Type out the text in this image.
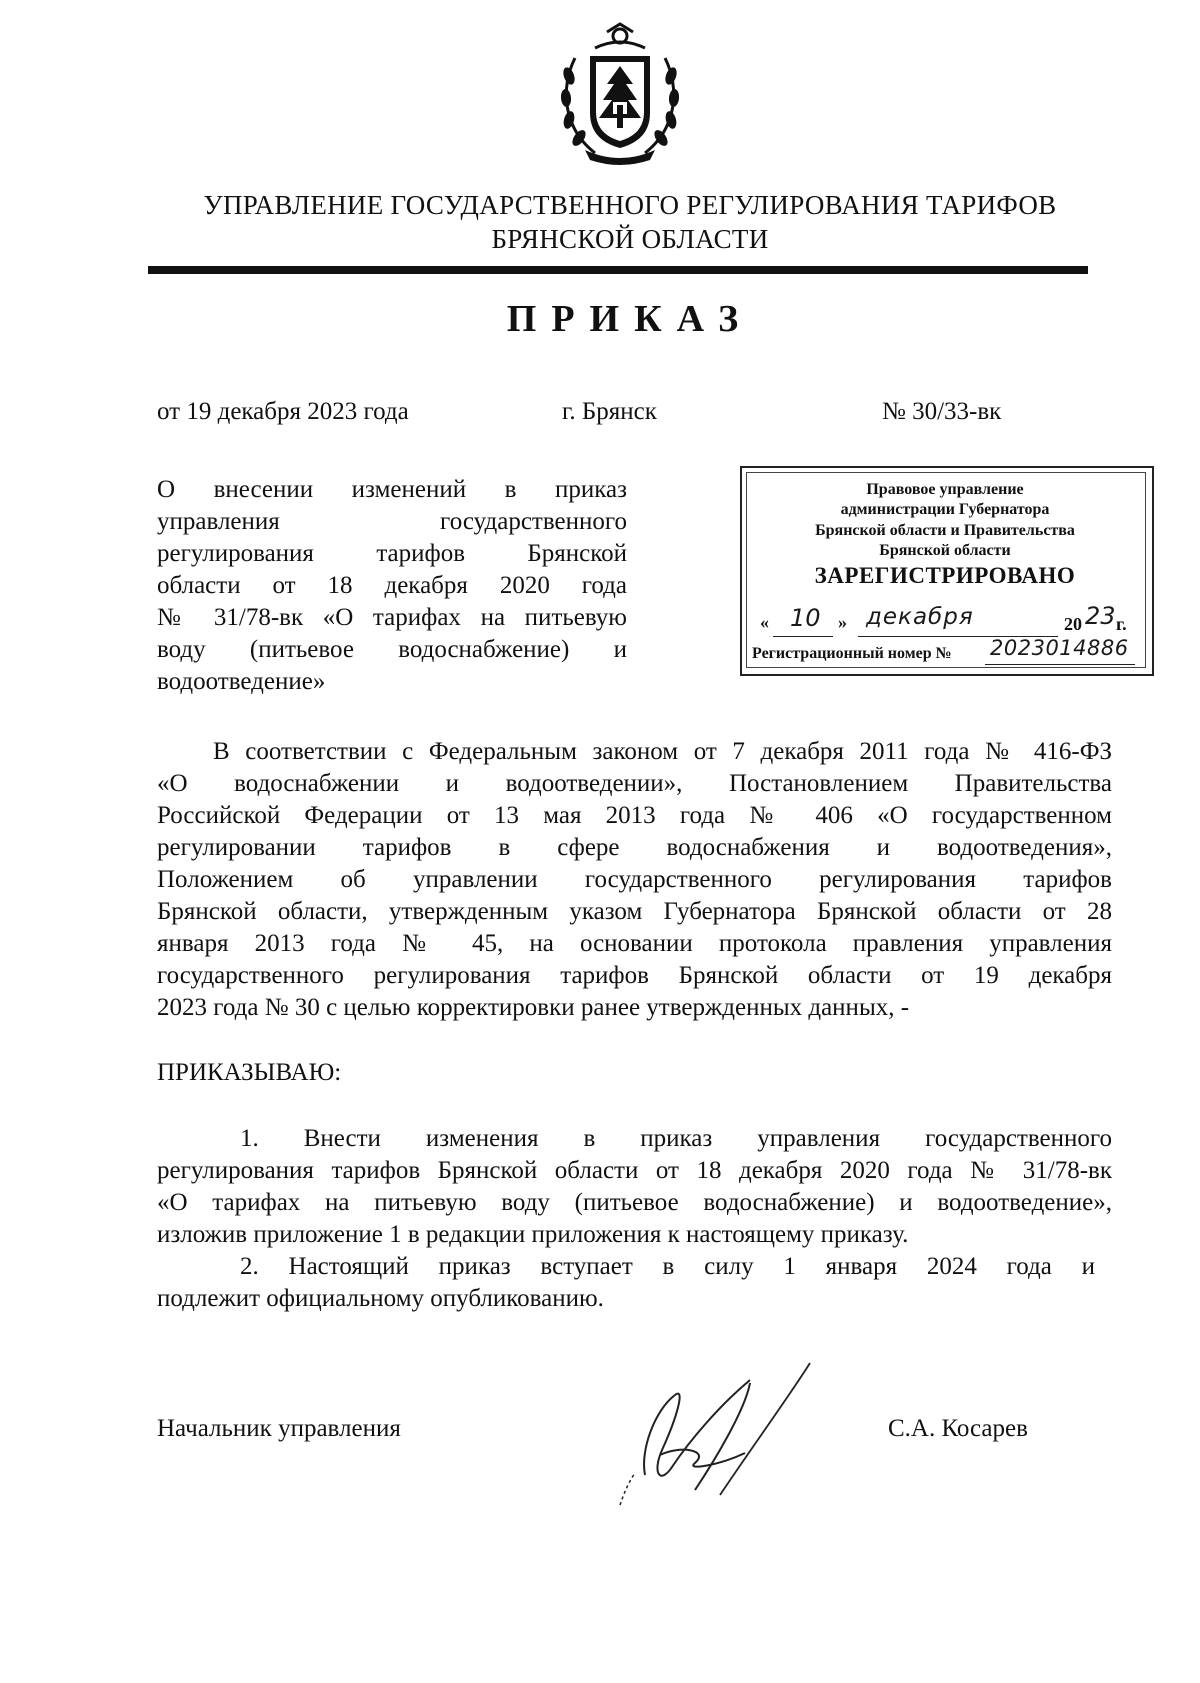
УПРАВЛЕНИЕ ГОСУДАРСТВЕННОГО РЕГУЛИРОВАНИЯ ТАРИФОВ
БРЯНСКОЙ ОБЛАСТИ
ПРИКАЗ
от 19 декабря 2023 года	г. Брянск	№ 30/33-вк
О внесении изменений в приказ
управления государственного
регулирования тарифов Брянской
области от 18 декабря 2020 года
№ 31/78-вк «О тарифах на питьевую
воду (питьевое водоснабжение) и
водоотведение»
Правовое управление
администрации Губернатора
Брянской области и Правительства
Брянской области
ЗАРЕГИСТРИРОВАНО
« 10 » декабря	20 23 г.
Регистрационный номер № 2023014886
В соответствии с Федеральным законом от 7 декабря 2011 года № 416-ФЗ
«О водоснабжении и водоотведении», Постановлением Правительства
Российской Федерации от 13 мая 2013 года № 406 «О государственном
регулировании тарифов в сфере водоснабжения и водоотведения»,
Положением об управлении государственного регулирования тарифов
Брянской области, утвержденным указом Губернатора Брянской области от 28
января 2013 года № 45, на основании протокола правления управления
государственного регулирования тарифов Брянской области от 19 декабря
2023 года № 30 с целью корректировки ранее утвержденных данных, -
ПРИКАЗЫВАЮ:
1. Внести изменения в приказ управления государственного
регулирования тарифов Брянской области от 18 декабря 2020 года № 31/78-вк
«О тарифах на питьевую воду (питьевое водоснабжение) и водоотведение»,
изложив приложение 1 в редакции приложения к настоящему приказу.
2. Настоящий приказ вступает в силу 1 января 2024 года и
подлежит официальному опубликованию.
Начальник управления	С.А. Косарев
